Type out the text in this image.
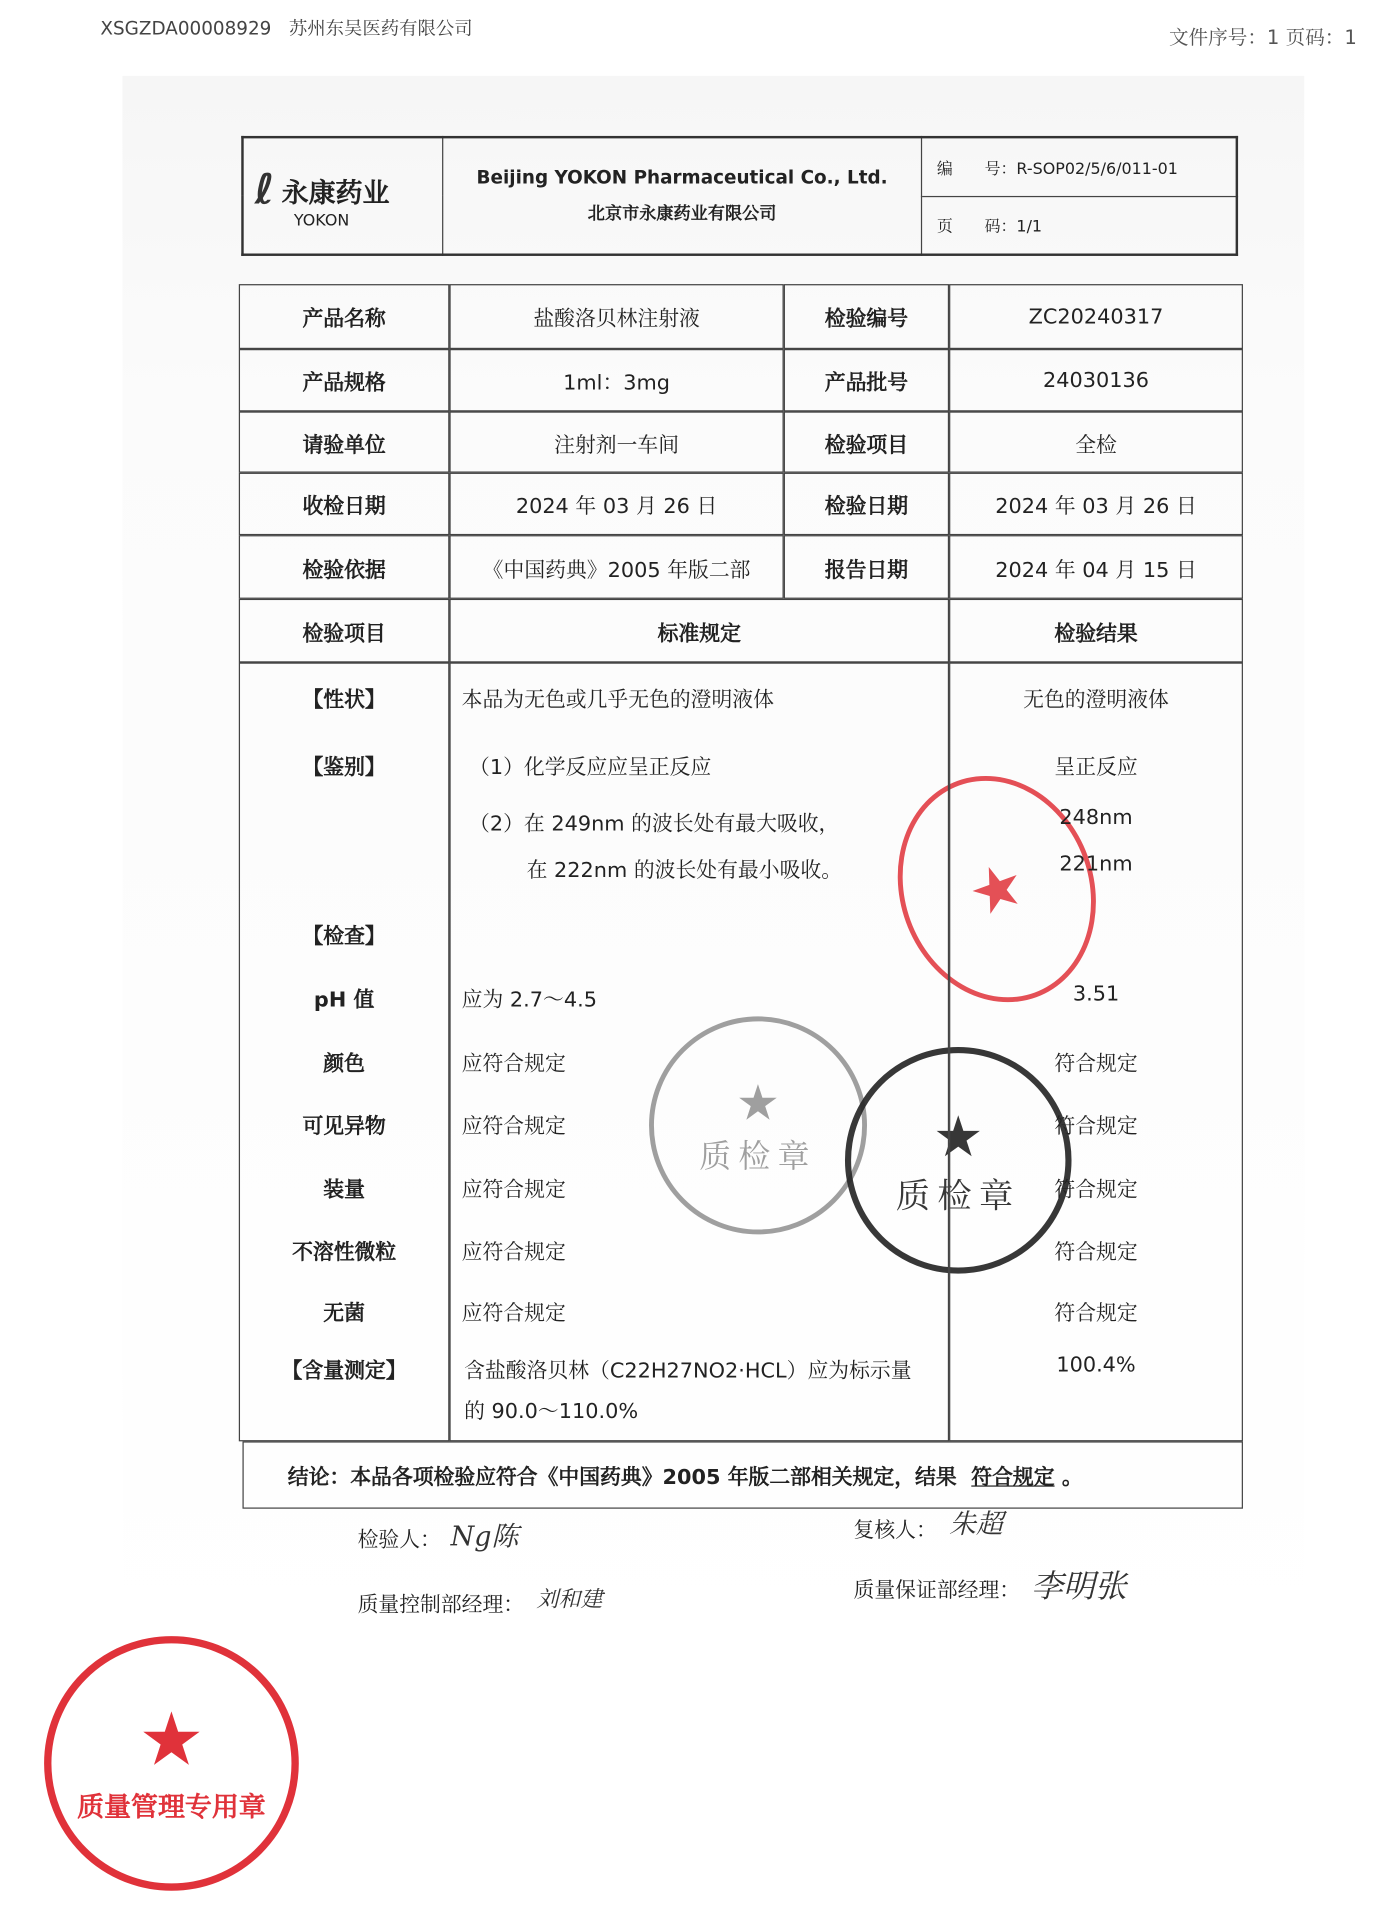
XSGZDA00008929 苏州东吴医药有限公司	文件序号：1 页码：1
ℓ 永康药业
YOKON

Beijing YOKON Pharmaceutical Co., Ltd.
北京市永康药业有限公司
	编　　号：R-SOP02/5/6/011-01
页　　码：1/1
检验人： Ng陈	复核人： 朱超
质量控制部经理： 刘和建	质量保证部经理： 李明张
★
★
质检章	★
质检章
★
质量管理专用章
产品名称	盐酸洛贝林注射液	检验编号	ZC20240317
产品规格	1ml：3mg	产品批号	24030136
请验单位	注射剂一车间	检验项目	全检
收检日期	2024 年 03 月 26 日	检验日期	2024 年 03 月 26 日
检验依据	《中国药典》2005 年版二部	报告日期	2024 年 04 月 15 日
检验项目	标准规定	检验结果
结论：本品各项检验应符合《中国药典》2005 年版二部相关规定，结果
符合规定 。
【性状】	本品为无色或几乎无色的澄明液体	无色的澄明液体
【鉴别】	（1）化学反应应呈正反应	呈正反应
（2）在 249nm 的波长处有最大吸收，	248nm
在 222nm 的波长处有最小吸收。	221nm
【检查】
pH 值	应为 2.7～4.5	3.51
颜色	应符合规定	符合规定
可见异物	应符合规定	符合规定
装量	应符合规定	符合规定
不溶性微粒	应符合规定	符合规定
无菌	应符合规定	符合规定
【含量测定】	含盐酸洛贝林（C22H27NO2·HCL）应为标示量	100.4%
的 90.0～110.0%
